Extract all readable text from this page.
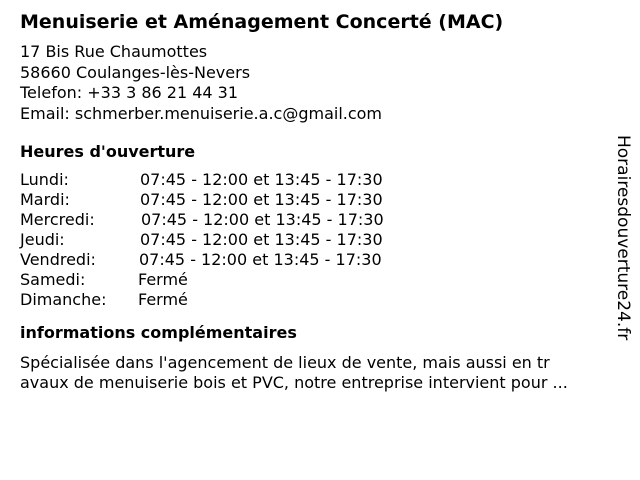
Menuiserie et Aménagement Concerté (MAC)
17 Bis Rue Chaumottes
58660 Coulanges-lès-Nevers
Telefon: +33 3 86 21 44 31
Email: schmerber.menuiserie.a.c@gmail.com
Heures d'ouverture
Lundi:	07:45 - 12:00 et 13:45 - 17:30
Mardi:	07:45 - 12:00 et 13:45 - 17:30
Mercredi:	07:45 - 12:00 et 13:45 - 17:30
Jeudi:	07:45 - 12:00 et 13:45 - 17:30
Vendredi:	07:45 - 12:00 et 13:45 - 17:30
Samedi:	Fermé
Dimanche:	Fermé
informations complémentaires
Spécialisée dans l'agencement de lieux de vente, mais aussi en tr
avaux de menuiserie bois et PVC, notre entreprise intervient pour ...
Horairesdouverture24.fr
